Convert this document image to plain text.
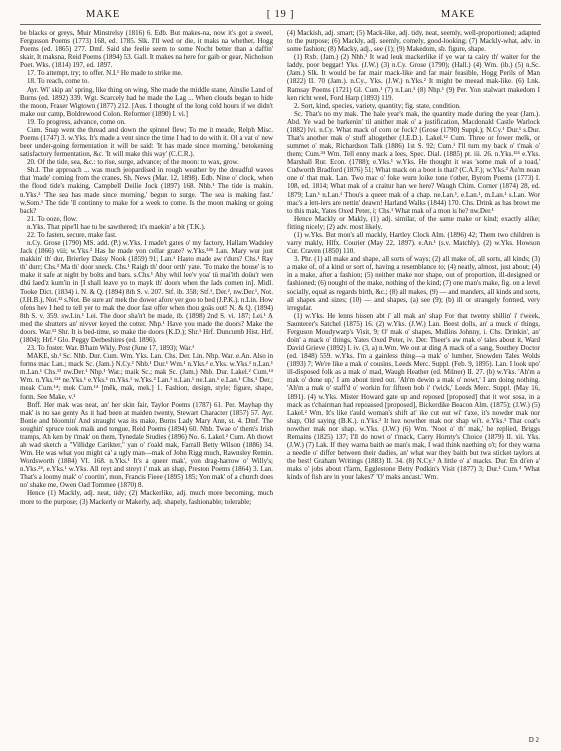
MAKE	[ 19 ]	MAKE

be blacks or greys, Muir Minstrelsy (1816) 6. Edb. But makes-na, now it's got a sweel, Fergusson Poems (1773) 168, ed. 1785. Slk. I'll wed or die, it maks na whether, Hogg Poems (ed. 1865) 277. Dmf. Said she feelie seem to some Nocht better than a daffin' skair, It maksna, Reid Poems (1894) 53. Gall. It makes na here for gaib or gear, Nicholson Poet. Wks. (1814) 197, ed. 1897.

17. To attempt, try; to offer. N.I.¹ He made to strike me.

18. To reach, come to.

Ayr. Wi' skip an' spring, like thing on wing, She made the middle stane, Ainslie Land of Burns (ed. 1892) 339. Wgt. Scarcely had he made the Lag ... When clouds began to hide the moon, Fraser Wigtown (1877) 212. [Aus. I thought of the long cold hours if we didn't make our camp, Boldrewood Colon. Reformer (1890) I. vi.]

19. To progress, advance, come on.

Cum. Snap went the thread and down the spinnel flew; To me it meade, Relph Misc. Poems (1747) 3. w.Yks. It's made a vent since the time I had to do with it. Ol a vat o' new beer under-going fermentation it will be said: 'It has made since morning,' betokening satisfactory fermentation, &c. 'It will make this way' (C.C.R.).

20. Of the tide, sea, &c.: to rise, surge, advance; of the moon: to wax, grow.

Sh.I. The approach ... was much jeopardised in rough weather by the dreadful waves that 'made' coming from the cranes, Sh. News (Mar. 12, 1898). Edb. Nine o' clock, when the flood tide's making, Campbell Deilie Jock (1897) 168. Nhb.¹ The tide is makin. n.Yks.² 'The sea has made since morning,' begun to surge. 'The sea is making fast.' w.Som.¹ The tide 'll continny to make for a week to come. Is the moon making or going back?

21. To ooze, flow.

n.Yks. That pipe'll hae tu be sawthered; it's maekin' a bit (T.K.).

22. To fasten, secure, make fast.

n.Cy. Grose (1790) MS. add. (P.) w.Yks. I made't gates o' my factory, Hallam Wadsley Jack (1866) viii; w.Yks.² Has he made yon cellar grate? w.Yks.³⁴⁵ Lan. Mary wur just makkin' th' dur, Brierley Daisy Nook (1859) 91; Lan.¹ Hasto made aw t'durs? Chs.¹ Ray th' durr; Chs.³ Ma th' door sneck. Chs.¹ Raigh th' door orth' yate. 'To make the house' is to make it safe at night by bolts and bars. s.Chs.¹ Ahy whil lee'v yoa' tü mai'ith doüu'r wen dhü laed'z kum'in in [I shall leave yo to mayk th' doors when the lads comen in]. Midl. Tooke Dict. (1834) i. N. & Q. (1894) 8th S. v. 207. Stf. ib. 358; Stf.¹, Der.², nw.Der.¹, Not. (J.H.B.), Not.¹² s.Not. Be sure an' mek the dower afore yer goo to bed (J.P.K.). n.Lin. How ofens hev I hed to tell yer to mak the door fast offer when thou goäs out! N. & Q. (1894) 8th S. v. 359. sw.Lin.¹ Lei. The door sha'n't be made, ib. (1898) 2nd S. vi. 187; Lei.¹ A med the shutters an' nivver keyed the cotter. Nhp.¹ Have you made the doors? Make the doors. War.¹² Shr. It is bed-time, so make the doors (K.D.); Shr.¹ Hrf. Duncumb Hist. Hrf. (1804); Hrf.² Glo. Peggy Derbeshires (ed. 1896).

23. To foster. War. B'ham Wkly. Post (June 17, 1893); War.¹

MAKE, sb.¹ Sc. Nhb. Dur. Cum. Wm. Yks. Lan. Chs. Der. Lin. Nhp. War. e.An. Also in forms mac Lan.; mack Sc. (Jam.) N.Cy.¹ Nhb.¹ Dur.¹ Wm.¹ n.Yks.² e.Yks. w.Yks.¹ n.Lan.¹ m.Lan.¹ Chs.¹³ nw.Der.¹ Nhp.¹ War.; maik Sc.; mak Sc. (Jam.) Nhb. Dur. Lakel.² Cum.¹⁴ Wm. n.Yks.¹²⁴ ne.Yks.¹ e.Yks.¹ m.Yks.¹ w.Yks.³ Lan.¹ n.Lan.¹ ne.Lan.¹ e.Lan.¹ Chs.¹ Der.; meak Cum.¹⁴; mek Cum.¹⁴ [mēk, mak, mek.] 1. Fashion, design, style; figure, shape, form. See Make, v.¹

Bnff. Her mak was neat, an' her skin fair, Taylor Poems (1787) 61. Per. Mayhap thy mak' is no sae genty As it had been at maiden twenty, Stewart Character (1857) 57. Ayr. Bonie and bloomin' And straught was its make, Burns Lady Mary Ann, st. 4. Dmf. The soughin' spruce took maik and tongue, Reid Poems (1894) 60. Nhb. Twae o' them's Irish tramps, Ah ken by t'mak' on them, Tynedale Studies (1896) No. 6. Lakel.² Cum. Ah thowt ah wad sketch a "Villidge Carikter," yan o' t'oald mak, Farrall Betty Wilson (1886) 34. Wm. He was what you might ca' a ugly man—mak of John Rigg much, Rawnsley Remin. Wordsworth (1884) VI. 168. n.Yks.¹ It's a queer mak', yon drag-harrow o' Willy's; n.Yks.²⁴, e.Yks.¹ w.Yks. All reyt and streyt i' mak an shap, Preston Poems (1864) 3. Lan. That's a loomy mak' o' coortin', mon, Francis Fieee (1895) 185; Yon mak' of a church does no' shake me, Owen Oad Tommee (1870) 8.

Hence (1) Mackly, adj. neat, tidy; (2) Mackerlike, adj. much more becoming, much more to the purpose; (3) Mackerly or Makerly, adj. shapely, fashionable; tolerable;

(4) Mackish, adj. smart; (5) Mack-like, adj. tidy, neat, seemly, well-proportioned; adapted to the purpose; (6) Mackly, adj. seemly, comely, good-looking; (7) Mackly-what, adv. in some fashion; (8) Macky, adj., see (1); (9) Makedom, sb. figure, shape.

(1) Rxb. (Jam.) (2) Nhb.¹ It wad leuk mackerlike if ye war ta cairy th' waiter for the laddy, poor beggar! Yks. (J.W.) (3) n.Cy. Grose (1790); (Hall.) (4) Wm. (ib.) (5) n.Sc. (Jam.) Slk. It would be far mair mack-like and far mair feasible, Hogg Perils of Man (1822) II. 70 (Jam.). n.Cy., Yks. (J.W.) n.Yks.² It might be meead mak-like. (6) Lnk. Ramsay Poems (1721) Gl. Cum.¹ (7) n.Lan.¹ (8) Nhp.¹ (9) Per. Yon stalwart makedom I ken richt weel, Ford Harp (1893) 119.

2. Sort, kind, species, variety, quantity; fig. state, condition.

Sc. That's no my mak. The hale year's mak, the quantity made during the year (Jam.). Abd. Ye wad be barkenin' til anither mak o' a justification, Macdonald Castle Warlock (1882) lvi. n.Cy. What mack of corn or fock? (Grose (1790) Suppl.); N.Cy.¹ Dur.¹ s.Dur. That's another mak o' stuff altogether (J.E.D.). Lakel.¹² Cum. Three or fower melk, or summet o' mak, Richardson Talk (1886) 1st S. 92; Cum.¹ I'll turn my back o' t'mak o' them; Cum.³⁴ Wm. Tell enny mack a lees, Spec. Dial. (1885) pt. iii. 26. n.Yks.¹²⁴ e.Yks. Marshall Rur. Econ. (1788); e.Yks.¹ w.Yks. He thought it was 'some mak of a toad,' Cudworth Bradford (1876) 51; What mack on a boot is that? (C.A.F.); w.Yks.³ Au'm noan one o' that mak. Lan. Two mac o' foke wurn loike tone t'other, Byrom Poems (1773) I. 108, ed. 1814; What mak of a craitur han we here? Waugh Chim. Corner (1874) 28, ed. 1879; Lan.¹ n.Lan.¹ Thou's a queer mak of a chap. ne.Lan.¹, e.Lan.¹, m.Lan.¹ s.Lan. Wor mac's a lett-lers are nettin' deawn! Harland Walks (1844) 170. Chs. Drink as has browt me to this mak, Yates Oxed Peter, i; Chs.¹ What mak of a mon is he? nw.Der.¹

Hence Mackly or Makly, (1) adj. similar, of the same make or kind; exactly alike; fitting nicely; (2) adv. most likely.

(1) w.Yks. But mon's all mackly, Hartley Clock Alm. (1896) 42; Them two children is varry makly, Hlfx. Courier (May 22, 1897). e.An.¹ (s.v. Matchly). (2) w.Yks. Howson Cur. Craven (1850) 110.

3. Phr. (1) all make and shape, all sorts of ways; (2) all make of, all sorts, all kinds; (3) a make of, of a kind or sort of, having a resemblance to; (4) neatly, almost, just about; (4) in a make, after a fashion; (5) neither make nor shape, out of proportion, ill-designed or fashioned; (6) nought of the make, nothing of the kind; (7) one man's make, fig. on a level socially, equal as regards birth, &c.; (8) all makes, (9) — and manders, all kinds and sorts, all shapes and sizes; (10) — and shapes, (a) see (9); (b) ill or strangely formed, very irregular.

(1) w.Yks. He lenns hissen abt i' all mak an' shap For that twenty shillin' i' t'week, Saunterer's Satchel (1875) 16. (2) w.Yks. (J.W.) Lan. Beest dolls, an' a muck o' things, Ferguson Moudywarp's Visit, 9; O' mak o' shapes, Mullins Johnny, i. Chs. Drinkin', an' doin' a mack o' things, Yates Oxed Peter, iv. Der. Theer's aw mak o' tales about it, Ward David Grieve (1892) I. iv. (3, a) n.Wm. We out at ding A mack of a sang, Southey Doctor (ed. 1848) 559. w.Yks. I'm a gainless thing—a mak' o' lumber, Snowden Tales Wolds (1893) 7; We're like a mak o' cousins, Leeds Merc. Suppl. (Feb. 9, 1895). Lan. I look upo' ill-disposed folk as a mak o' mad, Waugh Heather (ed. Milner) II. 27. (b) w.Yks. 'Ah'm a mak o' done up,' I am about tired out. 'Ah'm dewin a mak o' nowt,' I am doing nothing. 'Ah'm a mak o' staff'd o' workin for fifteen bob i' t'wick,' Leeds Merc. Suppl. (May 16, 1891). (4) w.Yks. Mister Howard gate up and reposed [proposed] that it wor sosa, in a mack as t'chairman had repoassed [proposed], Bickerdike Beacon Alm. (1875); (J.W.) (5) Lakel.² Wm. It's like t'auld woman's shift at' ike cut out wi' t'axe, it's nowder mak nor shap, Old saying (B.K.). n.Yks.² It hez nowther mak nor shap wi't. e.Yks.¹ That coat's nowther mak nor shap. w.Yks. (J.W.) (6) Wm. 'Noot o' th' mak,' he replied, Briggs Remains (1825) 137; I'll do nowt o' t'mack, Carry Hornty's Choice (1879) II. xii. Yks. (J.W.) (7) Lak. If they warna baith ae man's mak, I wad think naething o't; for they warna a needle o' differ between their dadies, an' what war they baith but twa sticket taylors at the best! Graham Writings (1883) II. 34. (8) N.Cy.¹ A little o' a' macks. Dur. En di'en a' maks o' jobs about t'farm, Egglestone Betty Podkin's Visit (1877) 3; Dur.¹ Cum.⁴ 'What kinds of fish are in your lakes?' 'O' maks ancast.' Wm.

D 2
